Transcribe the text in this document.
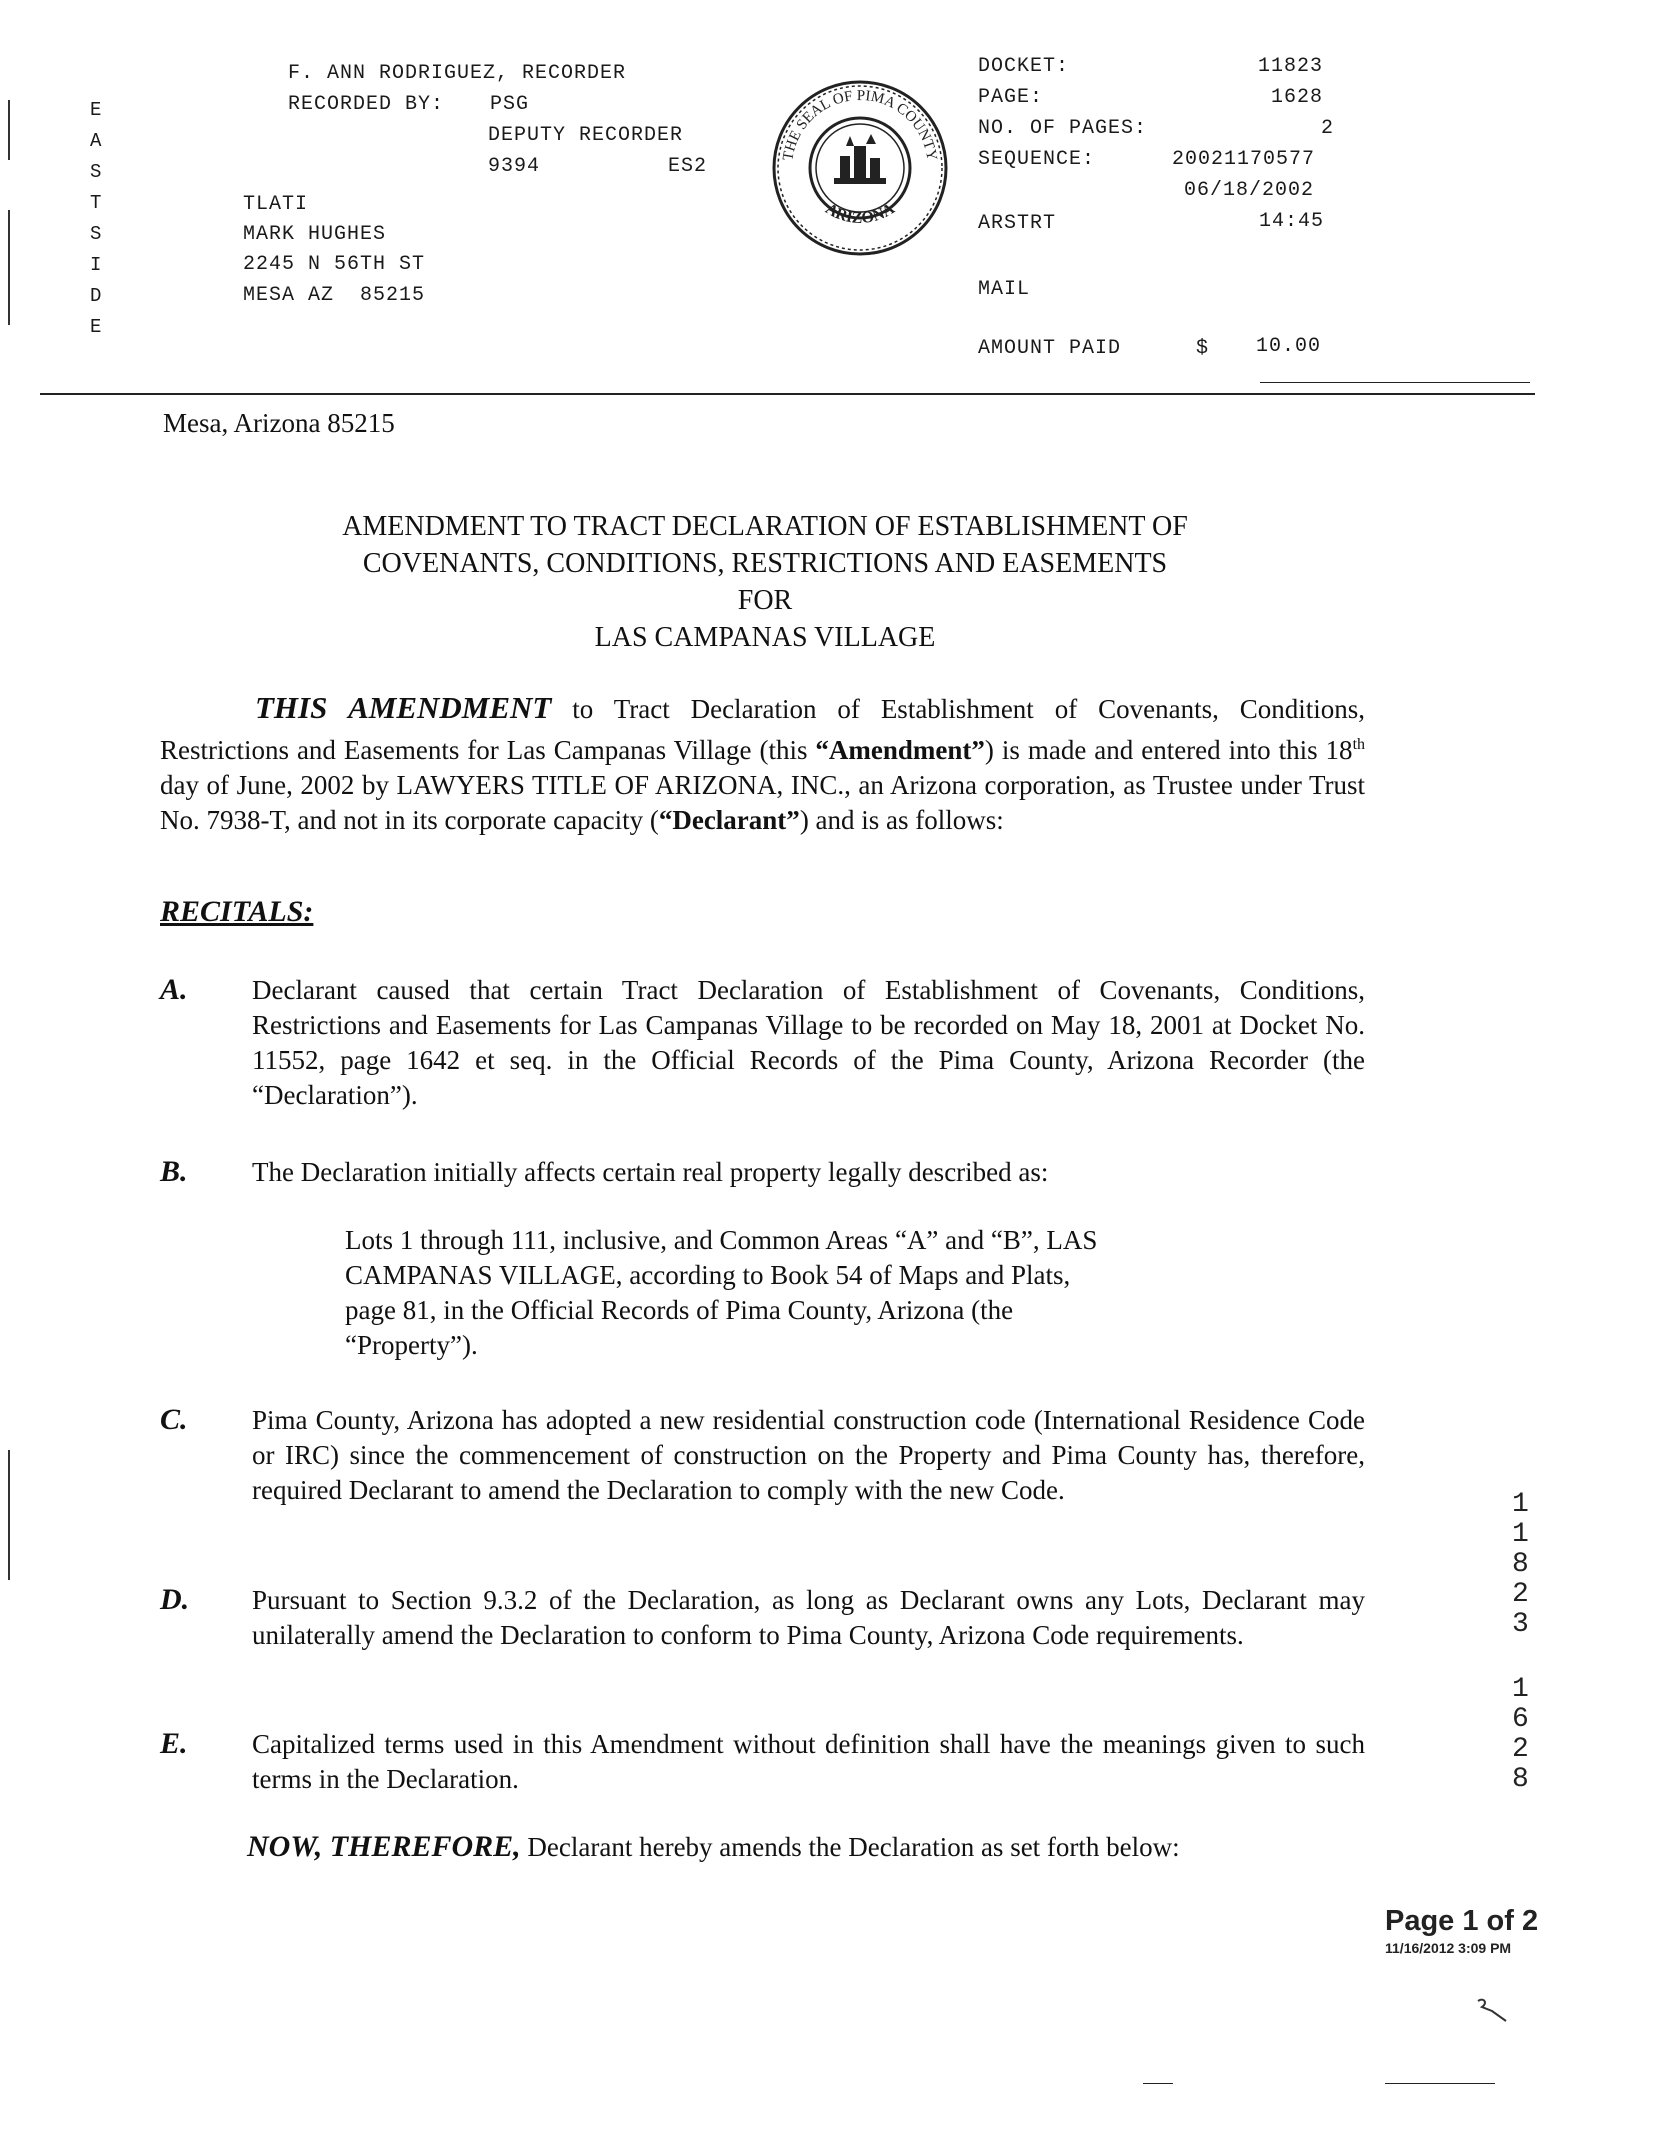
E
A
S
T
S
I
D
E
F. ANN RODRIGUEZ, RECORDER
RECORDED BY: PSG
DEPUTY RECORDER
9394	ES2
TLATI
MARK HUGHES
2245 N 56TH ST
MESA AZ  85215
THE SEAL OF PIMA COUNTY
ARIZONA
DOCKET:	11823
PAGE:	1628
NO. OF PAGES:	2
SEQUENCE:	20021170577
06/18/2002
ARSTRT	14:45
MAIL
AMOUNT PAID	$ 10.00
Mesa, Arizona 85215
AMENDMENT TO TRACT DECLARATION OF ESTABLISHMENT OF
COVENANTS, CONDITIONS, RESTRICTIONS AND EASEMENTS
FOR
LAS CAMPANAS VILLAGE
THIS AMENDMENT to Tract Declaration of Establishment of Covenants, Conditions, Restrictions and Easements for Las Campanas Village (this “Amendment”) is made and entered into this 18th day of June, 2002 by LAWYERS TITLE OF ARIZONA, INC., an Arizona corporation, as Trustee under Trust No. 7938-T, and not in its corporate capacity (“Declarant”) and is as follows:
RECITALS:
A.	Declarant caused that certain Tract Declaration of Establishment of Covenants, Conditions, Restrictions and Easements for Las Campanas Village to be recorded on May 18, 2001 at Docket No. 11552, page 1642 et seq. in the Official Records of the Pima County, Arizona Recorder (the “Declaration”).
B.	The Declaration initially affects certain real property legally described as:
Lots 1 through 111, inclusive, and Common Areas “A” and “B”, LAS CAMPANAS VILLAGE, according to Book 54 of Maps and Plats, page 81, in the Official Records of Pima County, Arizona (the “Property”).
C.	Pima County, Arizona has adopted a new residential construction code (International Residence Code or IRC) since the commencement of construction on the Property and Pima County has, therefore, required Declarant to amend the Declaration to comply with the new Code.
D.	Pursuant to Section 9.3.2 of the Declaration, as long as Declarant owns any Lots, Declarant may unilaterally amend the Declaration to conform to Pima County, Arizona Code requirements.
E.	Capitalized terms used in this Amendment without definition shall have the meanings given to such terms in the Declaration.
NOW, THEREFORE, Declarant hereby amends the Declaration as set forth below:
1
1
8
2
3
1
6
2
8
Page 1 of 2
11/16/2012 3:09 PM
